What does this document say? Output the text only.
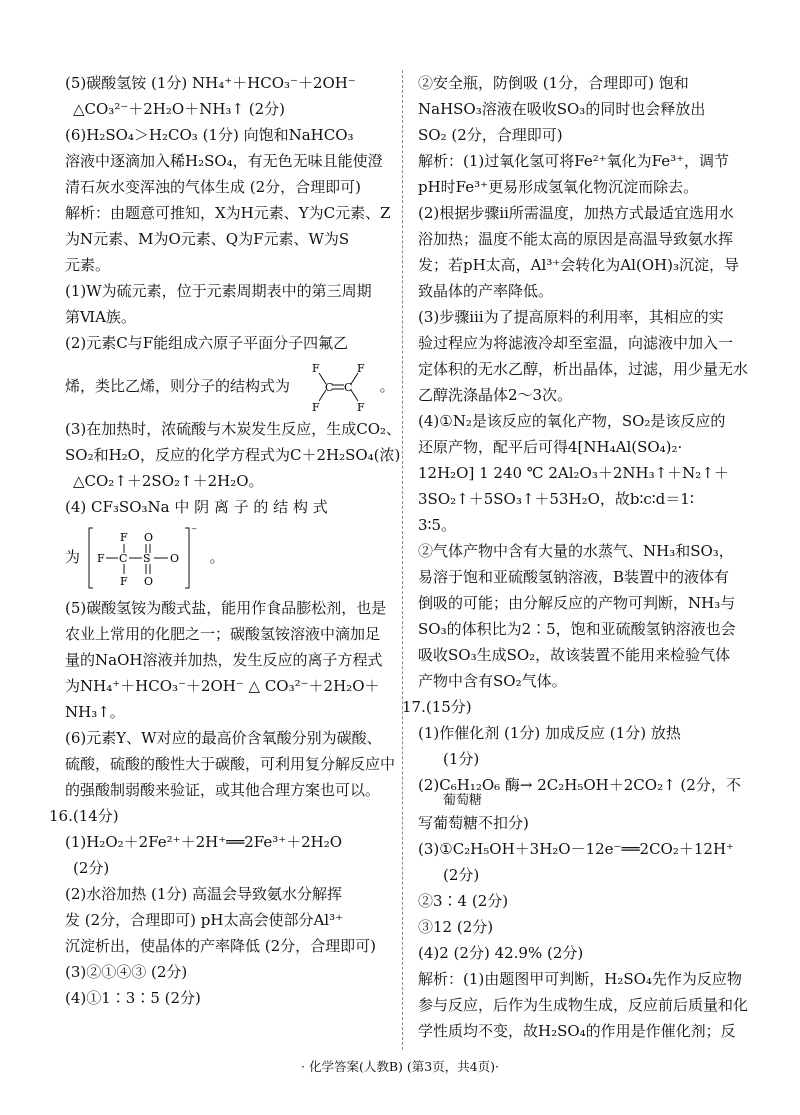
(5)碳酸氢铵 (1分) NH₄⁺＋HCO₃⁻＋2OH⁻
△CO₃²⁻＋2H₂O＋NH₃↑ (2分)
(6)H₂SO₄＞H₂CO₃ (1分) 向饱和NaHCO₃
溶液中逐滴加入稀H₂SO₄，有无色无味且能使澄
清石灰水变浑浊的气体生成 (2分，合理即可)
解析：由题意可推知，X为H元素、Y为C元素、Z
为N元素、M为O元素、Q为F元素、W为S
元素。
(1)W为硫元素，位于元素周期表中的第三周期
第ⅥA族。
(2)元素C与F能组成六原子平面分子四氟乙
烯，类比乙烯，则分子的结构式为
F
F
C C
F
F
。
(3)在加热时，浓硫酸与木炭发生反应，生成CO₂、
SO₂和H₂O，反应的化学方程式为C＋2H₂SO₄(浓)
△CO₂↑＋2SO₂↑＋2H₂O。
(4) CF₃SO₃Na 中 阴 离 子 的 结 构 式
为
⁻
F C
F
F
S
O
O
O 。
(5)碳酸氢铵为酸式盐，能用作食品膨松剂，也是
农业上常用的化肥之一；碳酸氢铵溶液中滴加足
量的NaOH溶液并加热，发生反应的离子方程式
为NH₄⁺＋HCO₃⁻＋2OH⁻ △ CO₃²⁻＋2H₂O＋
NH₃↑。
(6)元素Y、W对应的最高价含氧酸分别为碳酸、
硫酸，硫酸的酸性大于碳酸，可利用复分解反应中
的强酸制弱酸来验证，或其他合理方案也可以。
16.(14分)
(1)H₂O₂＋2Fe²⁺＋2H⁺══2Fe³⁺＋2H₂O
(2分)
(2)水浴加热 (1分) 高温会导致氨水分解挥
发 (2分，合理即可) pH太高会使部分Al³⁺
沉淀析出，使晶体的产率降低 (2分，合理即可)
(3)②①④③ (2分)
(4)①1∶3∶5 (2分)
②安全瓶，防倒吸 (1分，合理即可) 饱和
NaHSO₃溶液在吸收SO₃的同时也会释放出
SO₂ (2分，合理即可)
解析：(1)过氧化氢可将Fe²⁺氧化为Fe³⁺，调节
pH时Fe³⁺更易形成氢氧化物沉淀而除去。
(2)根据步骤ⅱ所需温度，加热方式最适宜选用水
浴加热；温度不能太高的原因是高温导致氨水挥
发；若pH太高，Al³⁺会转化为Al(OH)₃沉淀，导
致晶体的产率降低。
(3)步骤ⅲ为了提高原料的利用率，其相应的实
验过程应为将滤液冷却至室温，向滤液中加入一
定体积的无水乙醇，析出晶体，过滤，用少量无水
乙醇洗涤晶体2～3次。
(4)①N₂是该反应的氧化产物，SO₂是该反应的
还原产物，配平后可得4[NH₄Al(SO₄)₂·
12H₂O] 1 240 ℃ 2Al₂O₃＋2NH₃↑＋N₂↑＋
3SO₂↑＋5SO₃↑＋53H₂O，故b∶c∶d＝1∶
3∶5。
②气体产物中含有大量的水蒸气、NH₃和SO₃，
易溶于饱和亚硫酸氢钠溶液，B装置中的液体有
倒吸的可能；由分解反应的产物可判断，NH₃与
SO₃的体积比为2∶5，饱和亚硫酸氢钠溶液也会
吸收SO₃生成SO₂，故该装置不能用来检验气体
产物中含有SO₂气体。
17.(15分)
(1)作催化剂 (1分) 加成反应 (1分) 放热
(1分)
(2)C₆H₁₂O₆ 酶→ 2C₂H₅OH＋2CO₂↑ (2分，不
葡萄糖
写葡萄糖不扣分)
(3)①C₂H₅OH＋3H₂O－12e⁻══2CO₂＋12H⁺
(2分)
②3∶4 (2分)
③12 (2分)
(4)2 (2分) 42.9% (2分)
解析：(1)由题图甲可判断，H₂SO₄先作为反应物
参与反应，后作为生成物生成，反应前后质量和化
学性质均不变，故H₂SO₄的作用是作催化剂；反
· 化学答案(人教B) (第3页，共4页)·
